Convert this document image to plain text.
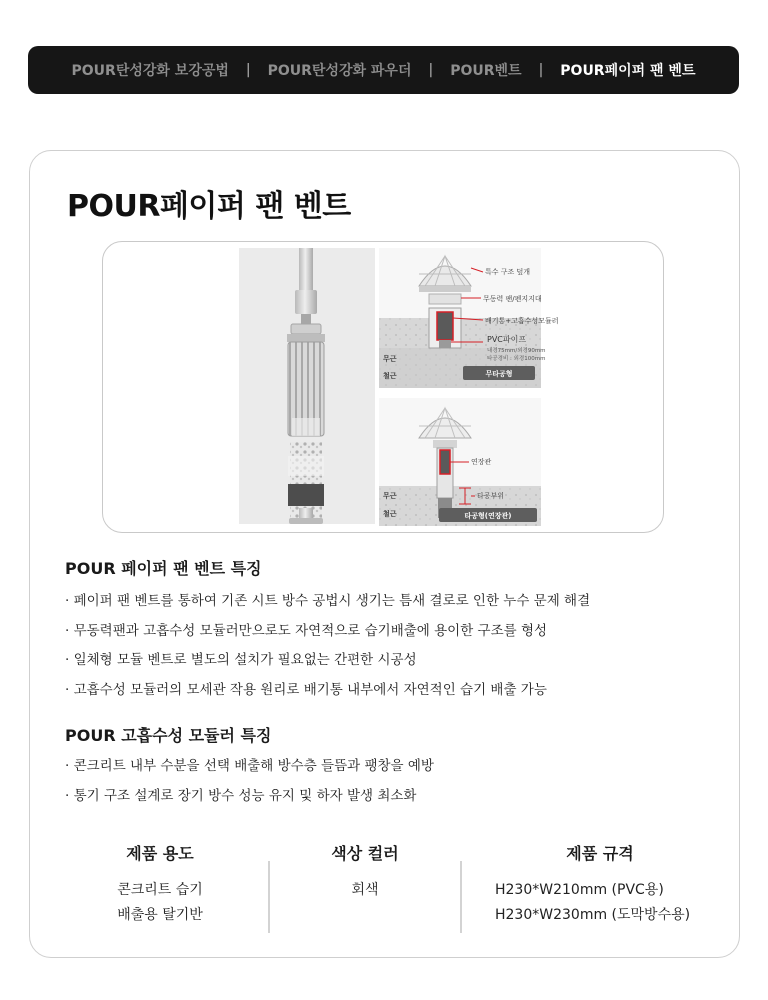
POUR탄성강화 보강공법 | POUR탄성강화 파우더 | POUR벤트 | POUR페이퍼 팬 벤트
POUR페이퍼 팬 벤트
특수 구조 덮개
무동력 팬/펜지지대
배기통+고흡수성모듈러
PVC파이프
내경75mm/외경90mm
타공경비 : 외경100mm
무근
철근	무타공형
연장관
타공부위
무근
철근	타공형(연장관)
POUR 페이퍼 팬 벤트 특징
· 페이퍼 팬 벤트를 통하여 기존 시트 방수 공법시 생기는 틈새 결로로 인한 누수 문제 해결
· 무동력팬과 고흡수성 모듈러만으로도 자연적으로 습기배출에 용이한 구조를 형성
· 일체형 모듈 벤트로 별도의 설치가 필요없는 간편한 시공성
· 고흡수성 모듈러의 모세관 작용 원리로 배기통 내부에서 자연적인 습기 배출 가능
POUR 고흡수성 모듈러 특징
· 콘크리트 내부 수분을 선택 배출해 방수층 들뜸과 팽창을 예방
· 통기 구조 설계로 장기 방수 성능 유지 및 하자 발생 최소화
제품 용도
콘크리트 습기
배출용 탈기반
색상 컬러
회색
제품 규격
H230*W210mm (PVC용)
H230*W230mm (도막방수용)
